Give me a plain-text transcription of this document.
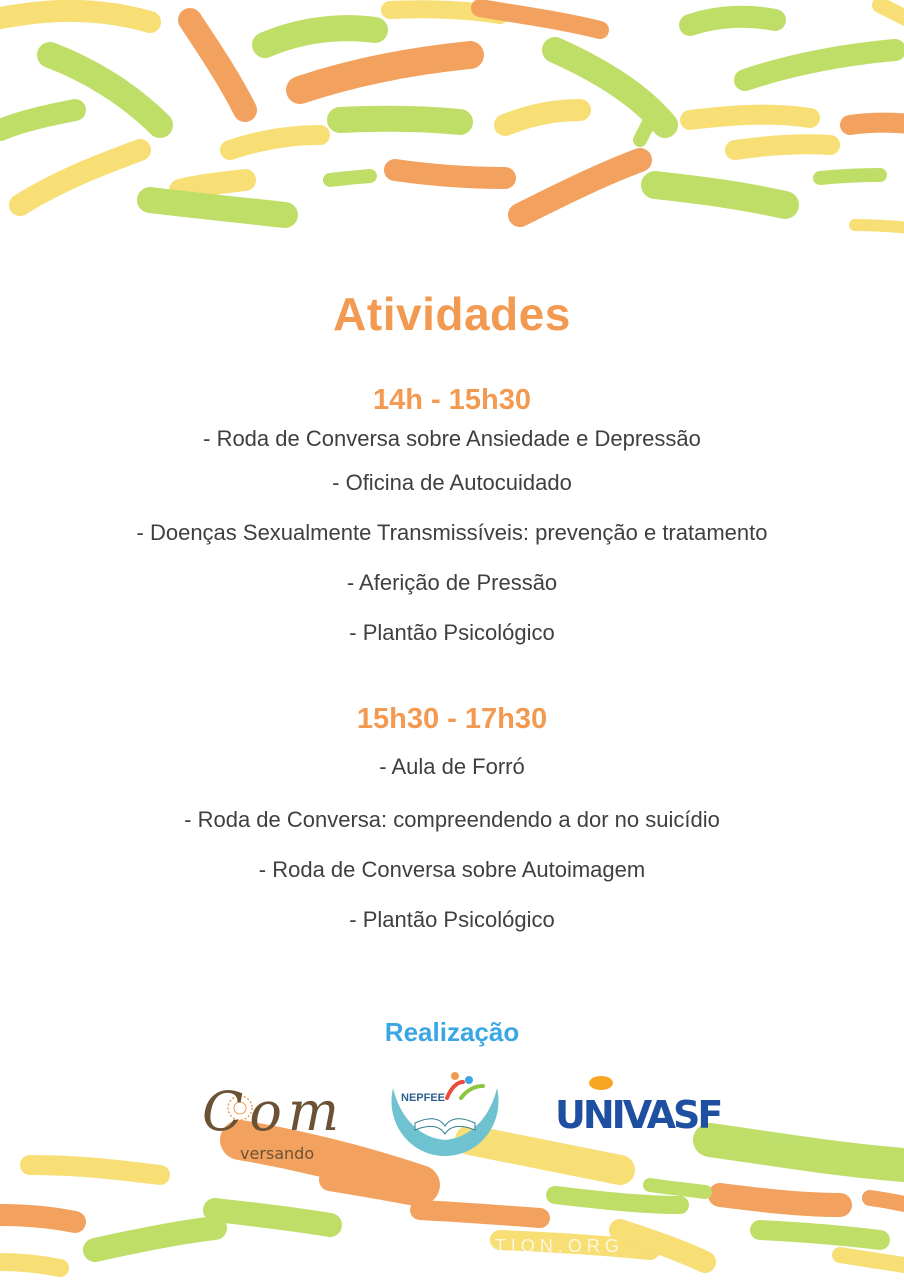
Atividades
14h - 15h30
- Roda de Conversa sobre Ansiedade e Depressão
- Oficina de Autocuidado
- Doenças Sexualmente Transmissíveis: prevenção e tratamento
- Aferição de Pressão
- Plantão Psicológico
15h30 - 17h30
- Aula de Forró
- Roda de Conversa: compreendendo a dor no suicídio
- Roda de Conversa sobre Autoimagem
- Plantão Psicológico
Realização
Com
versando
NEPFEE	UNIVASF
WWW.DEFOUNDATION.ORG
